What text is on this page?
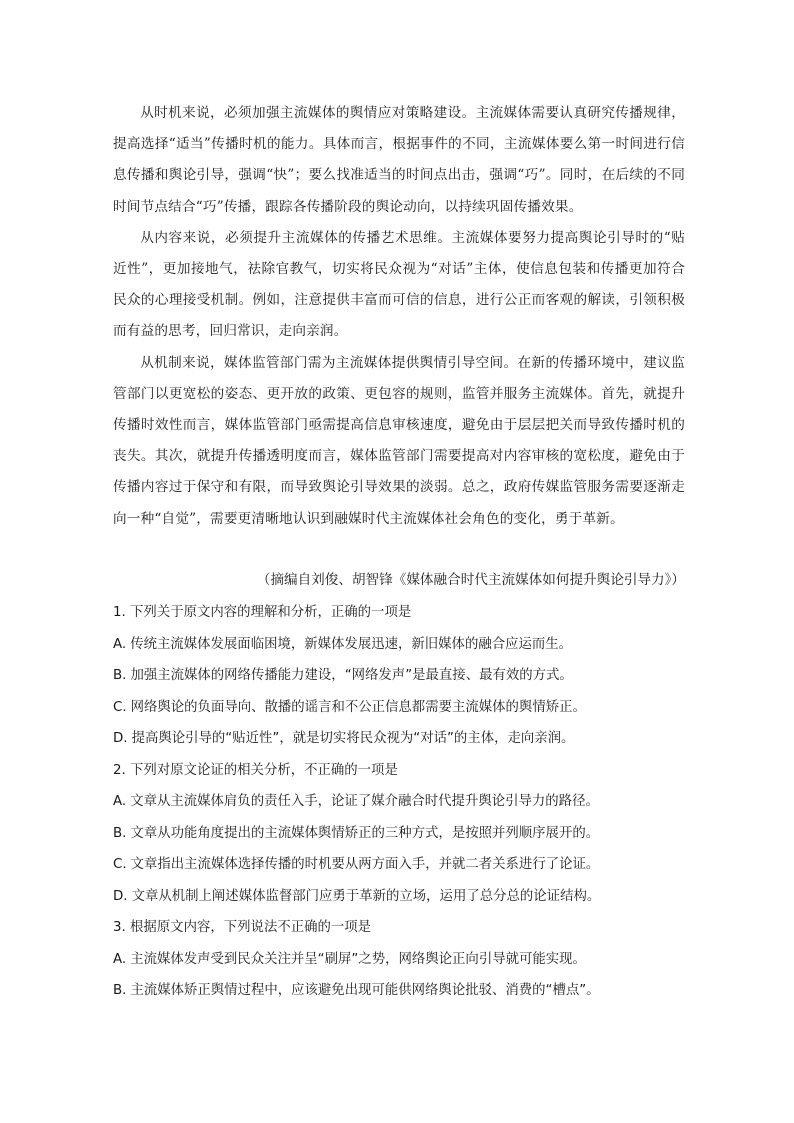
从时机来说，必须加强主流媒体的舆情应对策略建设。主流媒体需要认真研究传播规律，提高选择“适当”传播时机的能力。具体而言，根据事件的不同，主流媒体要么第一时间进行信息传播和舆论引导，强调“快”；要么找准适当的时间点出击，强调“巧”。同时，在后续的不同时间节点结合“巧”传播，跟踪各传播阶段的舆论动向，以持续巩固传播效果。

从内容来说，必须提升主流媒体的传播艺术思维。主流媒体要努力提高舆论引导时的“贴近性”，更加接地气，祛除官教气，切实将民众视为“对话”主体，使信息包装和传播更加符合民众的心理接受机制。例如，注意提供丰富而可信的信息，进行公正而客观的解读，引领积极而有益的思考，回归常识，走向亲润。

从机制来说，媒体监管部门需为主流媒体提供舆情引导空间。在新的传播环境中，建议监管部门以更宽松的姿态、更开放的政策、更包容的规则，监管并服务主流媒体。首先，就提升传播时效性而言，媒体监管部门亟需提高信息审核速度，避免由于层层把关而导致传播时机的丧失。其次，就提升传播透明度而言，媒体监管部门需要提高对内容审核的宽松度，避免由于传播内容过于保守和有限，而导致舆论引导效果的淡弱。总之，政府传媒监管服务需要逐渐走向一种“自觉”，需要更清晰地认识到融媒时代主流媒体社会角色的变化，勇于革新。

（摘编自刘俊、胡智锋《媒体融合时代主流媒体如何提升舆论引导力》）
1. 下列关于原文内容的理解和分析，正确的一项是
A. 传统主流媒体发展面临困境，新媒体发展迅速，新旧媒体的融合应运而生。
B. 加强主流媒体的网络传播能力建设，“网络发声”是最直接、最有效的方式。
C. 网络舆论的负面导向、散播的谣言和不公正信息都需要主流媒体的舆情矫正。
D. 提高舆论引导的“贴近性”，就是切实将民众视为“对话”的主体，走向亲润。
2. 下列对原文论证的相关分析，不正确的一项是
A. 文章从主流媒体肩负的责任入手，论证了媒介融合时代提升舆论引导力的路径。
B. 文章从功能角度提出的主流媒体舆情矫正的三种方式，是按照并列顺序展开的。
C. 文章指出主流媒体选择传播的时机要从两方面入手，并就二者关系进行了论证。
D. 文章从机制上阐述媒体监督部门应勇于革新的立场，运用了总分总的论证结构。
3. 根据原文内容，下列说法不正确的一项是
A. 主流媒体发声受到民众关注并呈“刷屏”之势，网络舆论正向引导就可能实现。
B. 主流媒体矫正舆情过程中，应该避免出现可能供网络舆论批驳、消费的“槽点”。
